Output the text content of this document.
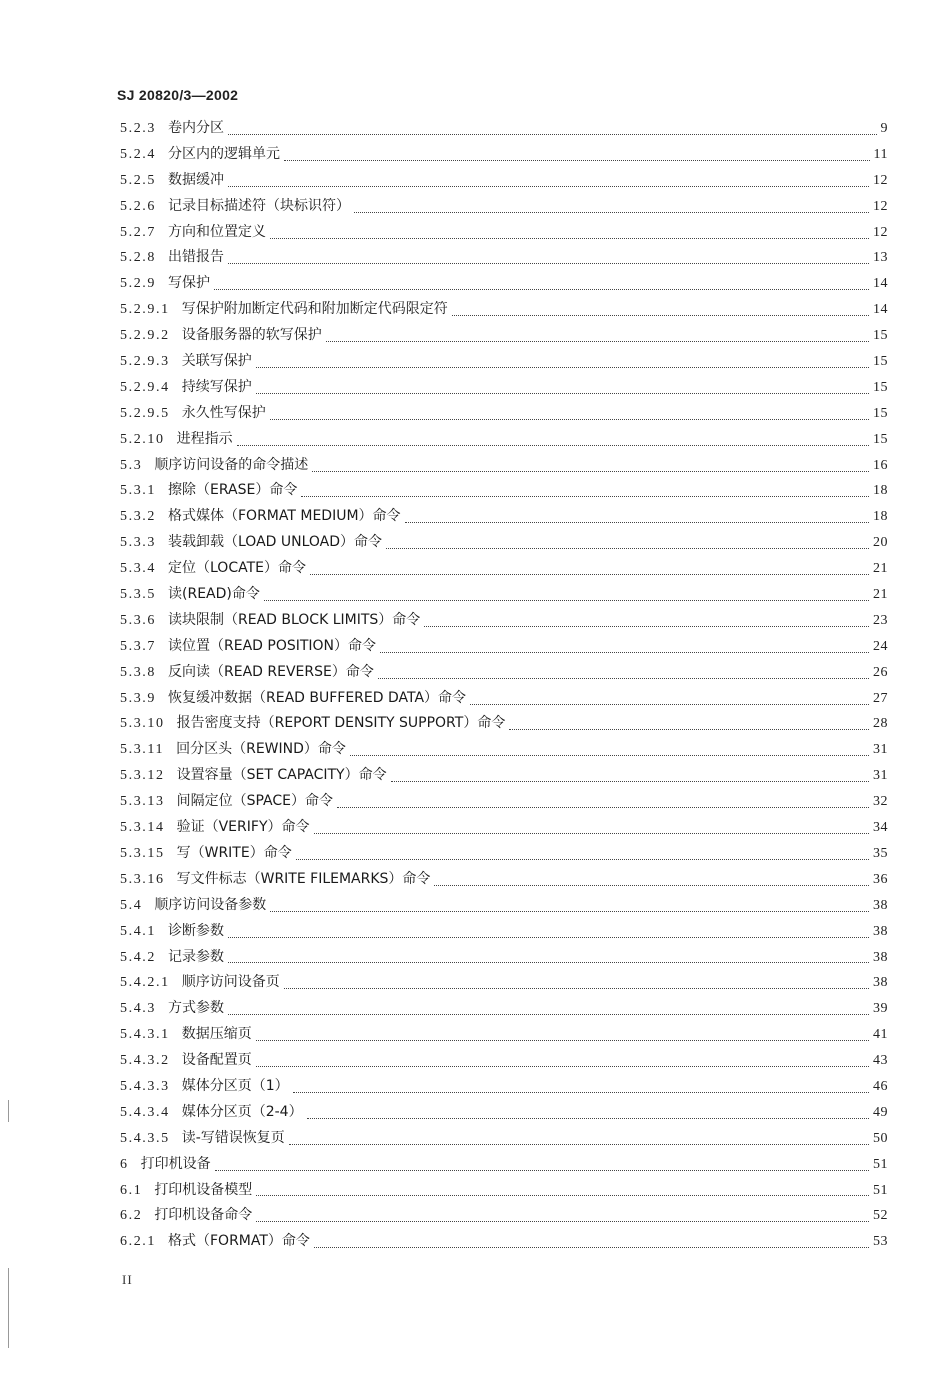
SJ 20820/3—2002
5.2.3 卷内分区	9
5.2.4 分区内的逻辑单元	11
5.2.5 数据缓冲	12
5.2.6 记录目标描述符（块标识符）	12
5.2.7 方向和位置定义	12
5.2.8 出错报告	13
5.2.9 写保护	14
5.2.9.1 写保护附加断定代码和附加断定代码限定符	14
5.2.9.2 设备服务器的软写保护	15
5.2.9.3 关联写保护	15
5.2.9.4 持续写保护	15
5.2.9.5 永久性写保护	15
5.2.10 进程指示	15
5.3 顺序访问设备的命令描述	16
5.3.1 擦除（ERASE）命令	18
5.3.2 格式媒体（FORMAT MEDIUM）命令	18
5.3.3 装载卸载（LOAD UNLOAD）命令	20
5.3.4 定位（LOCATE）命令	21
5.3.5 读(READ)命令	21
5.3.6 读块限制（READ BLOCK LIMITS）命令	23
5.3.7 读位置（READ POSITION）命令	24
5.3.8 反向读（READ REVERSE）命令	26
5.3.9 恢复缓冲数据（READ BUFFERED DATA）命令	27
5.3.10 报告密度支持（REPORT DENSITY SUPPORT）命令	28
5.3.11 回分区头（REWIND）命令	31
5.3.12 设置容量（SET CAPACITY）命令	31
5.3.13 间隔定位（SPACE）命令	32
5.3.14 验证（VERIFY）命令	34
5.3.15 写（WRITE）命令	35
5.3.16 写文件标志（WRITE FILEMARKS）命令	36
5.4 顺序访问设备参数	38
5.4.1 诊断参数	38
5.4.2 记录参数	38
5.4.2.1 顺序访问设备页	38
5.4.3 方式参数	39
5.4.3.1 数据压缩页	41
5.4.3.2 设备配置页	43
5.4.3.3 媒体分区页（1）	46
5.4.3.4 媒体分区页（2-4）	49
5.4.3.5 读-写错误恢复页	50
6 打印机设备	51
6.1 打印机设备模型	51
6.2 打印机设备命令	52
6.2.1 格式（FORMAT）命令	53
II
